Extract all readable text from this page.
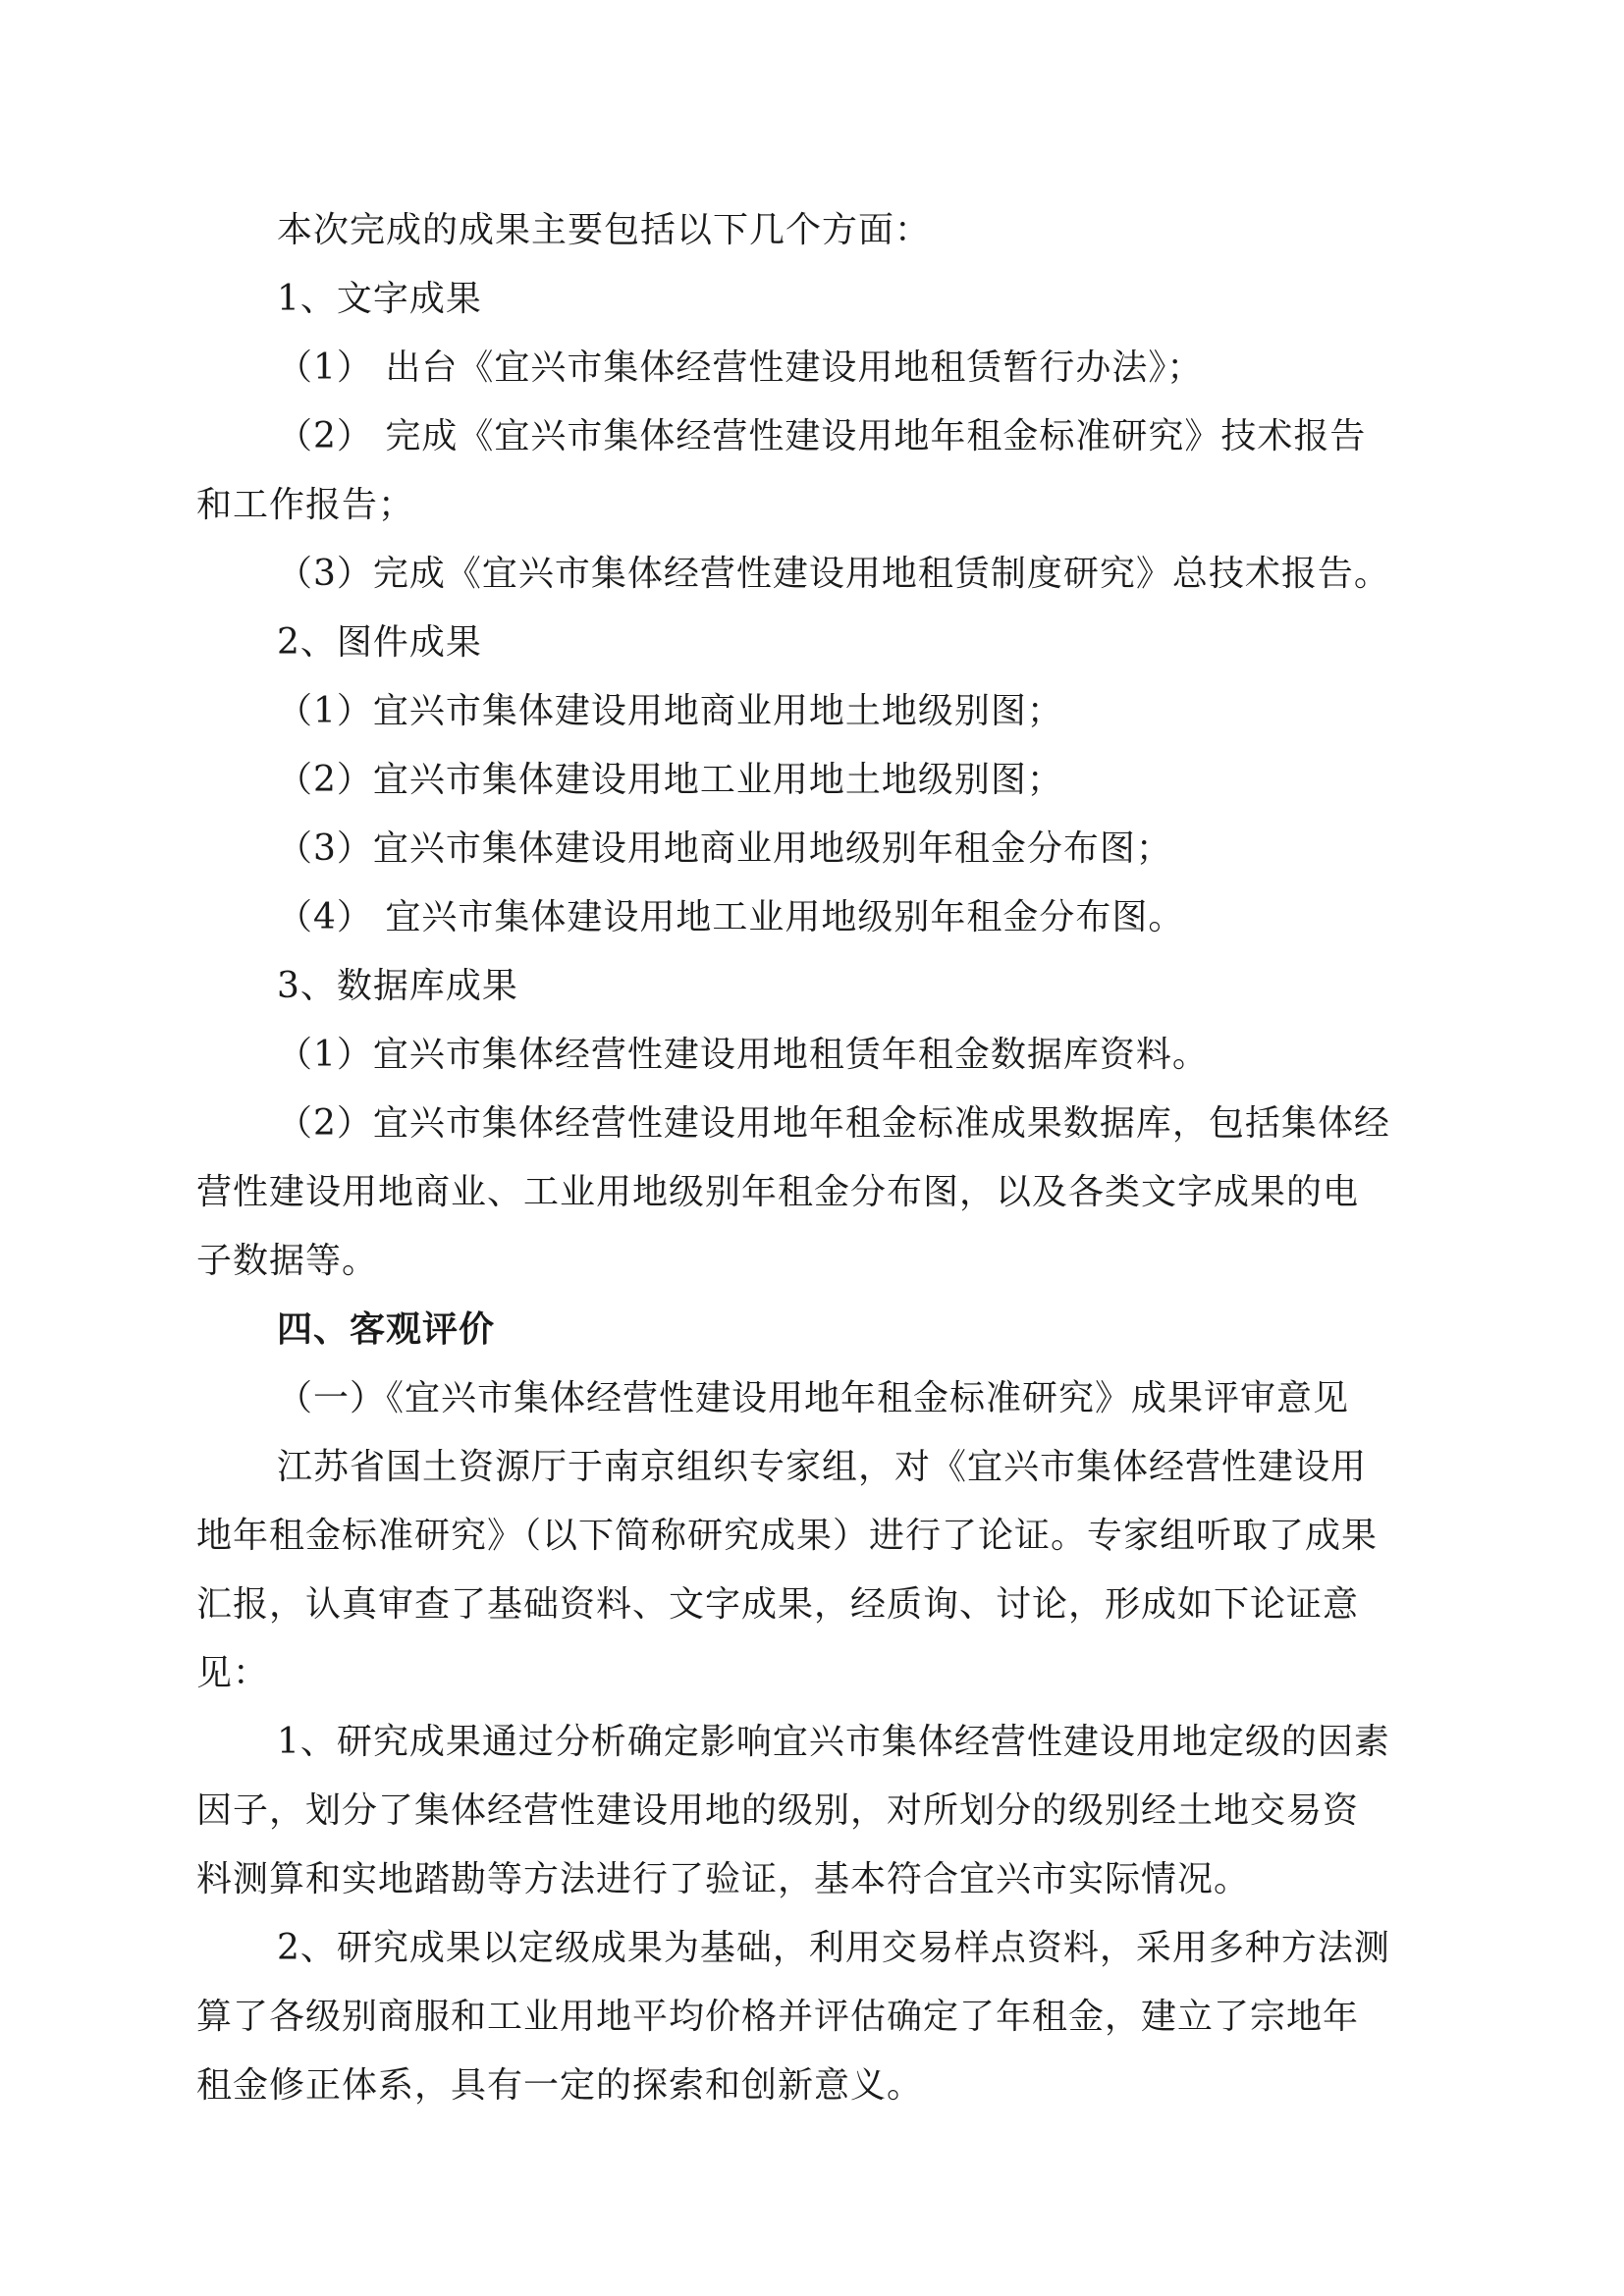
本次完成的成果主要包括以下几个方面：
1、文字成果
（1） 出台《宜兴市集体经营性建设用地租赁暂行办法》；
（2） 完成《宜兴市集体经营性建设用地年租金标准研究》技术报告
和工作报告；
（3）完成《宜兴市集体经营性建设用地租赁制度研究》总技术报告。
2、图件成果
（1）宜兴市集体建设用地商业用地土地级别图；
（2）宜兴市集体建设用地工业用地土地级别图；
（3）宜兴市集体建设用地商业用地级别年租金分布图；
（4） 宜兴市集体建设用地工业用地级别年租金分布图。
3、数据库成果
（1）宜兴市集体经营性建设用地租赁年租金数据库资料。
（2）宜兴市集体经营性建设用地年租金标准成果数据库，包括集体经
营性建设用地商业、工业用地级别年租金分布图，以及各类文字成果的电
子数据等。
四、客观评价
（一）《宜兴市集体经营性建设用地年租金标准研究》成果评审意见
江苏省国土资源厅于南京组织专家组，对《宜兴市集体经营性建设用
地年租金标准研究》（以下简称研究成果）进行了论证。专家组听取了成果
汇报，认真审查了基础资料、文字成果，经质询、讨论，形成如下论证意
见：
1、研究成果通过分析确定影响宜兴市集体经营性建设用地定级的因素
因子，划分了集体经营性建设用地的级别，对所划分的级别经土地交易资
料测算和实地踏勘等方法进行了验证，基本符合宜兴市实际情况。
2、研究成果以定级成果为基础，利用交易样点资料，采用多种方法测
算了各级别商服和工业用地平均价格并评估确定了年租金，建立了宗地年
租金修正体系，具有一定的探索和创新意义。
